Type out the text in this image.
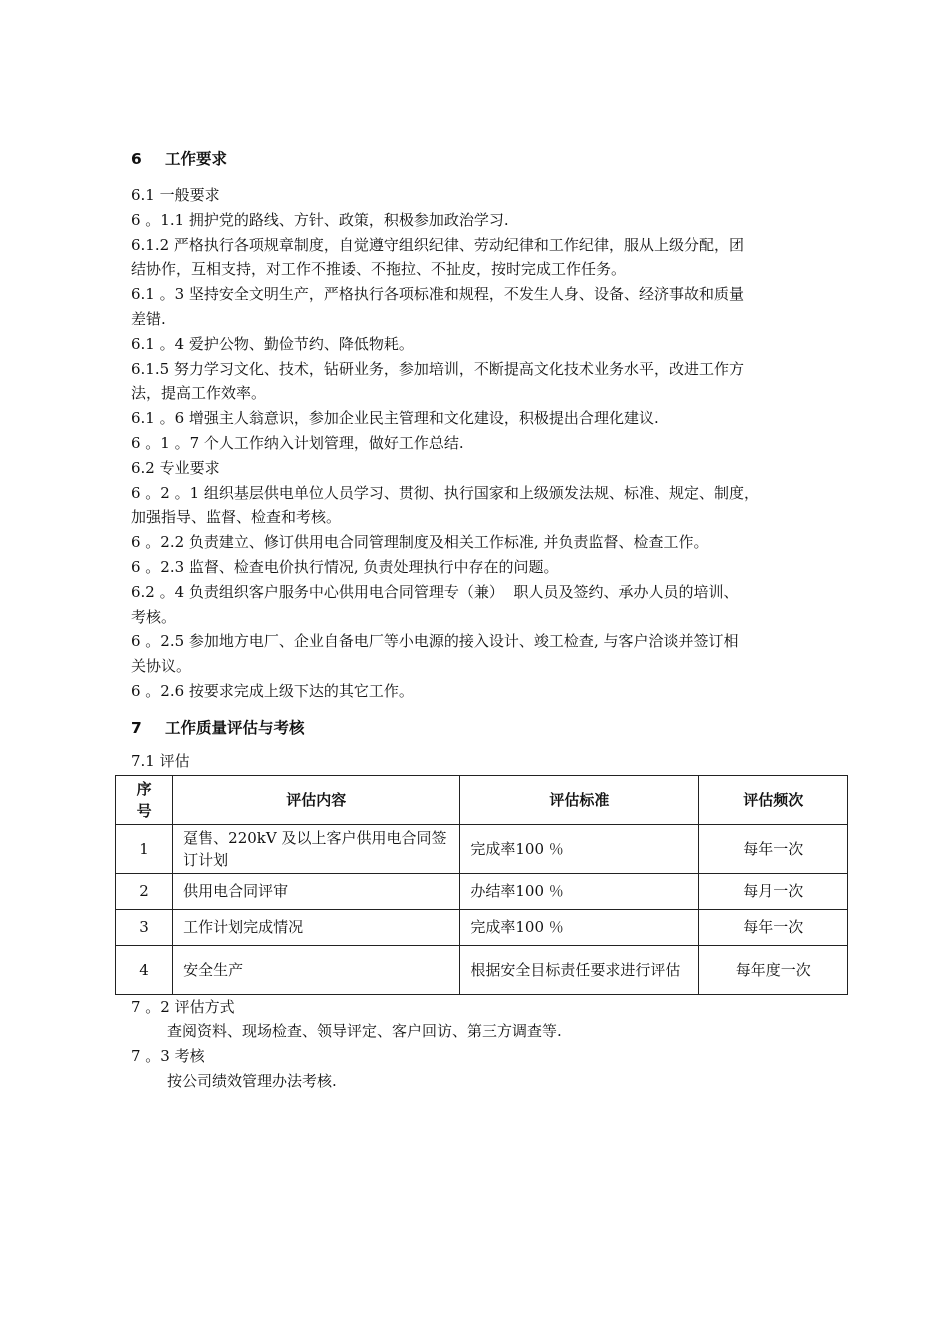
6 工作要求

6.1 一般要求

6 。1.1 拥护党的路线、方针、政策，积极参加政治学习.

6.1.2 严格执行各项规章制度，自觉遵守组织纪律、劳动纪律和工作纪律，服从上级分配，团

结协作，互相支持，对工作不推诿、不拖拉、不扯皮，按时完成工作任务。

6.1 。3 坚持安全文明生产，严格执行各项标准和规程，不发生人身、设备、经济事故和质量

差错.

6.1 。4 爱护公物、勤俭节约、降低物耗。

6.1.5 努力学习文化、技术，钻研业务，参加培训，不断提高文化技术业务水平，改进工作方

法，提高工作效率。

6.1 。6 增强主人翁意识，参加企业民主管理和文化建设，积极提出合理化建议.

6 。1 。7 个人工作纳入计划管理，做好工作总结.

6.2 专业要求

6 。2 。1 组织基层供电单位人员学习、贯彻、执行国家和上级颁发法规、标准、规定、制度，

加强指导、监督、检查和考核。

6 。2.2 负责建立、修订供用电合同管理制度及相关工作标准, 并负责监督、检查工作。

6 。2.3 监督、检查电价执行情况, 负责处理执行中存在的问题。

6.2 。4 负责组织客户服务中心供用电合同管理专（兼）  职人员及签约、承办人员的培训、

考核。

6 。2.5 参加地方电厂、企业自备电厂等小电源的接入设计、竣工检查, 与客户洽谈并签订相

关协议。

6 。2.6 按要求完成上级下达的其它工作。

7 工作质量评估与考核

7.1 评估

序
号	评估内容	评估标准	评估频次
1	趸售、220kV 及以上客户供用电合同签订计划	完成率100 ％	每年一次
2	供用电合同评审	办结率100 ％	每月一次
3	工作计划完成情况	完成率100 ％	每年一次
4	安全生产	根据安全目标责任要求进行评估	每年度一次

7 。2 评估方式

查阅资料、现场检查、领导评定、客户回访、第三方调查等.

7 。3 考核

按公司绩效管理办法考核.
